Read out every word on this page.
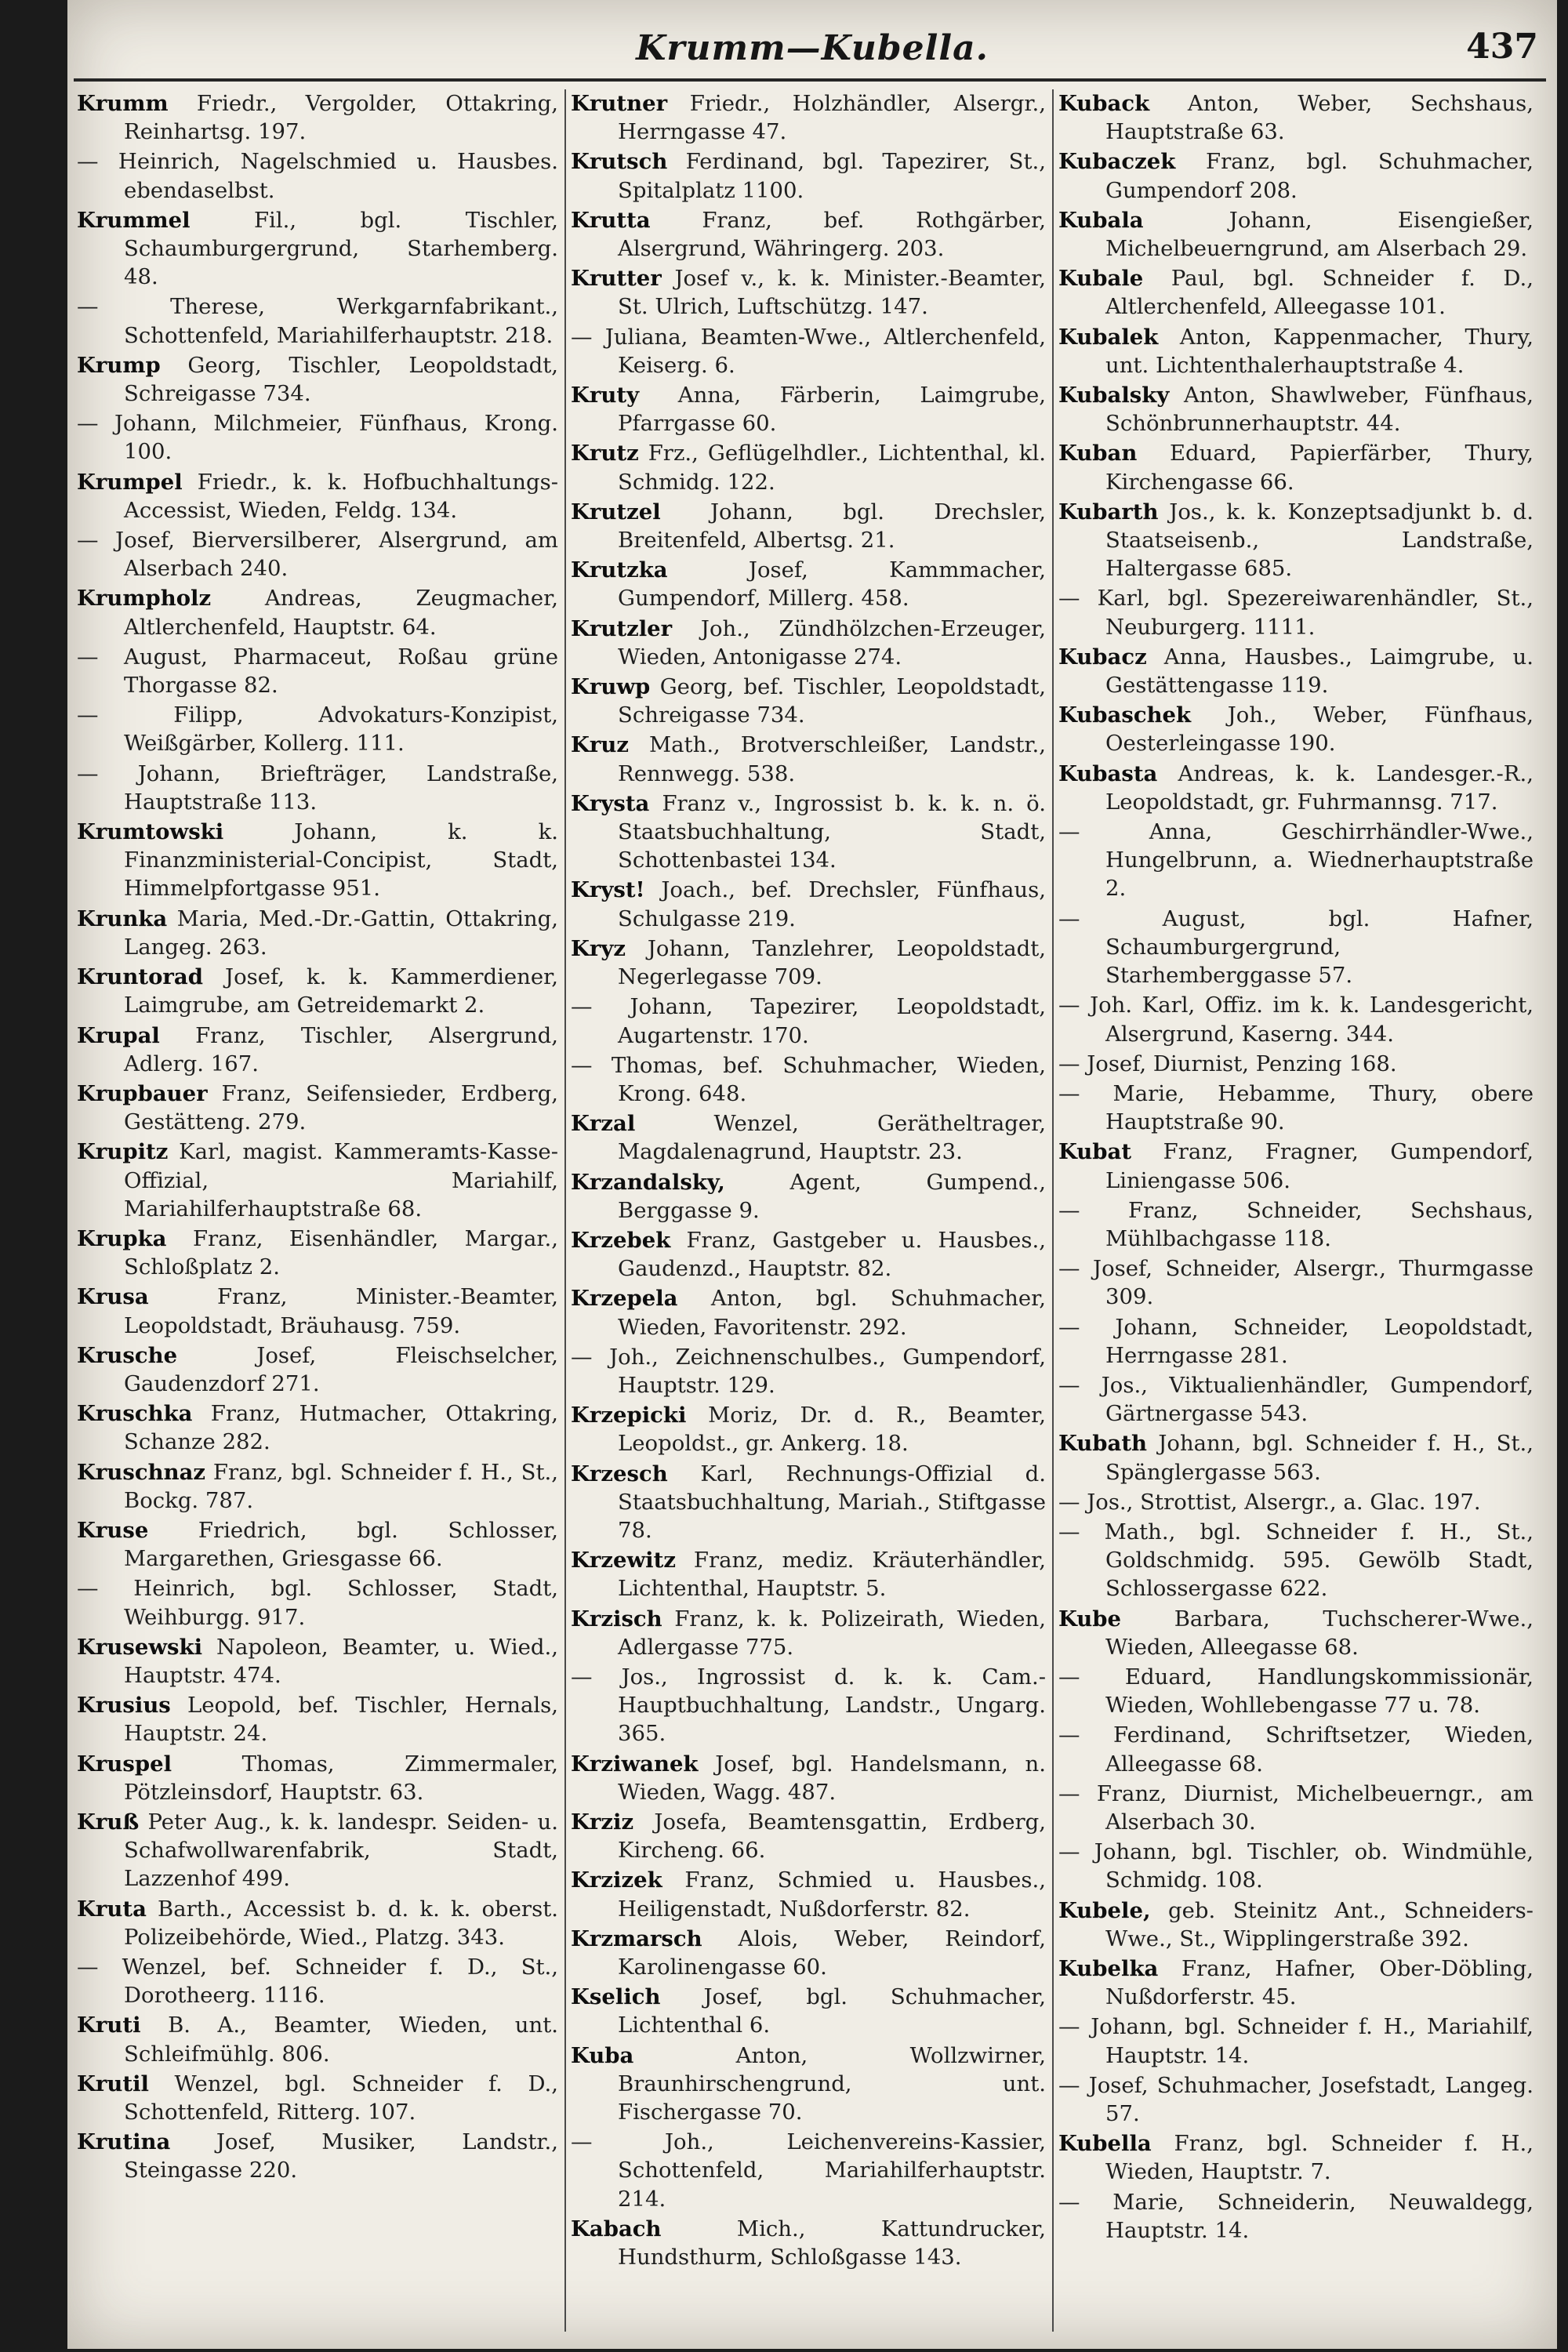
Krumm—Kubella.	437

Krumm Friedr., Vergolder, Ottakring, Reinhartsg. 197.

— Heinrich, Nagelschmied u. Hausbes. ebendaselbst.

Krummel	Fil., bgl. Tischler, Schaumburgergrund, Starhemberg. 48.

— Therese, Werkgarnfabrikant., Schottenfeld, Mariahilferhauptstr. 218.

Krump Georg, Tischler, Leopoldstadt, Schreigasse 734.

— Johann, Milchmeier, Fünfhaus, Krong. 100.

Krumpel Friedr., k. k. Hofbuchhaltungs-Accessist, Wieden, Feldg. 134.

— Josef, Bierversilberer, Alsergrund, am Alserbach 240.

Krumpholz	Andreas, Zeugmacher, Altlerchenfeld, Hauptstr. 64.

— August, Pharmaceut, Roßau grüne Thorgasse 82.

— Filipp, Advokaturs-Konzipist, Weißgärber, Kollerg. 111.

— Johann, Briefträger, Landstraße, Hauptstraße 113.

Krumtowski	Johann, k. k. Finanzministerial-Concipist, Stadt, Himmelpfortgasse 951.

Krunka Maria, Med.-Dr.-Gattin, Ottakring, Langeg. 263.

Kruntorad Josef, k. k. Kammerdiener, Laimgrube, am Getreidemarkt 2.

Krupal Franz, Tischler, Alsergrund, Adlerg. 167.

Krupbauer Franz, Seifensieder, Erdberg, Gestätteng. 279.

Krupitz Karl, magist. Kammeramts-Kasse-Offizial, Mariahilf, Mariahilferhauptstraße 68.

Krupka Franz, Eisenhändler, Margar., Schloßplatz 2.

Krusa	Franz, Minister.-Beamter, Leopoldstadt, Bräuhausg. 759.

Krusche	Josef, Fleischselcher, Gaudenzdorf 271.

Kruschka Franz, Hutmacher, Ottakring, Schanze 282.

Kruschnaz Franz, bgl. Schneider f. H., St., Bockg. 787.

Kruse Friedrich, bgl. Schlosser, Margarethen, Griesgasse 66.

— Heinrich, bgl. Schlosser, Stadt, Weihburgg. 917.

Krusewski Napoleon, Beamter, u. Wied., Hauptstr. 474.

Krusius Leopold, bef. Tischler, Hernals, Hauptstr. 24.

Kruspel	Thomas, Zimmermaler, Pötzleinsdorf, Hauptstr. 63.

Kruß Peter Aug., k. k. landespr. Seiden- u. Schafwollwarenfabrik, Stadt, Lazzenhof 499.

Kruta Barth., Accessist b. d. k. k. oberst. Polizeibehörde, Wied., Platzg. 343.

— Wenzel, bef. Schneider f. D., St., Dorotheerg. 1116.

Kruti B. A., Beamter, Wieden, unt. Schleifmühlg. 806.

Krutil Wenzel, bgl. Schneider f. D., Schottenfeld, Ritterg. 107.

Krutina Josef, Musiker, Landstr., Steingasse 220.

Krutner Friedr., Holzhändler, Alsergr., Herrngasse 47.

Krutsch Ferdinand, bgl. Tapezirer, St., Spitalplatz 1100.

Krutta Franz, bef. Rothgärber, Alsergrund, Währingerg. 203.

Krutter Josef v., k. k. Minister.-Beamter, St. Ulrich, Luftschützg. 147.

— Juliana, Beamten-Wwe., Altlerchenfeld, Keiserg. 6.

Kruty Anna, Färberin, Laimgrube, Pfarrgasse 60.

Krutz Frz., Geflügelhdler., Lichtenthal, kl. Schmidg. 122.

Krutzel Johann, bgl. Drechsler, Breitenfeld, Albertsg. 21.

Krutzka	Josef, Kammmacher, Gumpendorf, Millerg. 458.

Krutzler Joh., Zündhölzchen-Erzeuger, Wieden, Antonigasse 274.

Kruwp Georg, bef. Tischler, Leopoldstadt, Schreigasse 734.

Kruz Math., Brotverschleißer, Landstr., Rennwegg. 538.

Krysta Franz v., Ingrossist b. k. k. n. ö. Staatsbuchhaltung, Stadt, Schottenbastei 134.

Kryst! Joach., bef. Drechsler, Fünfhaus, Schulgasse 219.

Kryz Johann, Tanzlehrer, Leopoldstadt, Negerlegasse 709.

— Johann, Tapezirer, Leopoldstadt, Augartenstr. 170.

— Thomas, bef. Schuhmacher, Wieden, Krong. 648.

Krzal	Wenzel, Gerätheltrager, Magdalenagrund, Hauptstr. 23.

Krzandalsky,	Agent, Gumpend., Berggasse 9.

Krzebek Franz, Gastgeber u. Hausbes., Gaudenzd., Hauptstr. 82.

Krzepela Anton, bgl. Schuhmacher, Wieden, Favoritenstr. 292.

— Joh., Zeichnenschulbes., Gumpendorf, Hauptstr. 129.

Krzepicki Moriz, Dr. d. R., Beamter, Leopoldst., gr. Ankerg. 18.

Krzesch Karl, Rechnungs-Offizial d. Staatsbuchhaltung, Mariah., Stiftgasse 78.

Krzewitz Franz, mediz. Kräuterhändler, Lichtenthal, Hauptstr. 5.

Krzisch Franz, k. k. Polizeirath, Wieden, Adlergasse 775.

— Jos., Ingrossist d. k. k. Cam.-Hauptbuchhaltung, Landstr., Ungarg. 365.

Krziwanek Josef, bgl. Handelsmann, n. Wieden, Wagg. 487.

Krziz Josefa, Beamtensgattin, Erdberg, Kircheng. 66.

Krzizek Franz, Schmied u. Hausbes., Heiligenstadt, Nußdorferstr. 82.

Krzmarsch Alois, Weber, Reindorf, Karolinengasse 60.

Kselich Josef, bgl. Schuhmacher, Lichtenthal 6.

Kuba	Anton, Wollzwirner, Braunhirschengrund, unt. Fischergasse 70.

— Joh., Leichenvereins-Kassier, Schottenfeld, Mariahilferhauptstr. 214.

Kabach	Mich., Kattundrucker, Hundsthurm, Schloßgasse 143.

Kuback Anton, Weber, Sechshaus, Hauptstraße 63.

Kubaczek Franz, bgl. Schuhmacher, Gumpendorf 208.

Kubala	Johann, Eisengießer, Michelbeuerngrund, am Alserbach 29.

Kubale Paul, bgl. Schneider f. D., Altlerchenfeld, Alleegasse 101.

Kubalek Anton, Kappenmacher, Thury, unt. Lichtenthalerhauptstraße 4.

Kubalsky Anton, Shawlweber, Fünfhaus, Schönbrunnerhauptstr. 44.

Kuban Eduard, Papierfärber, Thury, Kirchengasse 66.

Kubarth Jos., k. k. Konzeptsadjunkt b. d. Staatseisenb., Landstraße, Haltergasse 685.

— Karl, bgl. Spezereiwarenhändler, St., Neuburgerg. 1111.

Kubacz Anna, Hausbes., Laimgrube, u. Gestättengasse 119.

Kubaschek Joh., Weber, Fünfhaus, Oesterleingasse 190.

Kubasta Andreas, k. k. Landesger.-R., Leopoldstadt, gr. Fuhrmannsg. 717.

— Anna, Geschirrhändler-Wwe., Hungelbrunn, a. Wiednerhauptstraße 2.

— August, bgl. Hafner, Schaumburgergrund, Starhemberggasse 57.

— Joh. Karl, Offiz. im k. k. Landesgericht, Alsergrund, Kaserng. 344.

— Josef, Diurnist, Penzing 168.

— Marie, Hebamme, Thury, obere Hauptstraße 90.

Kubat Franz, Fragner, Gumpendorf, Liniengasse 506.

— Franz, Schneider, Sechshaus, Mühlbachgasse 118.

— Josef, Schneider, Alsergr., Thurmgasse 309.

— Johann, Schneider, Leopoldstadt, Herrngasse 281.

— Jos., Viktualienhändler, Gumpendorf, Gärtnergasse 543.

Kubath Johann, bgl. Schneider f. H., St., Spänglergasse 563.

— Jos., Strottist, Alsergr., a. Glac. 197.

— Math., bgl. Schneider f. H., St., Goldschmidg. 595. Gewölb Stadt, Schlossergasse 622.

Kube Barbara, Tuchscherer-Wwe., Wieden, Alleegasse 68.

— Eduard, Handlungskommissionär, Wieden, Wohllebengasse 77 u. 78.

— Ferdinand, Schriftsetzer, Wieden, Alleegasse 68.

— Franz, Diurnist, Michelbeuerngr., am Alserbach 30.

— Johann, bgl. Tischler, ob. Windmühle, Schmidg. 108.

Kubele, geb. Steinitz Ant., Schneiders-Wwe., St., Wipplingerstraße 392.

Kubelka Franz, Hafner, Ober-Döbling, Nußdorferstr. 45.

— Johann, bgl. Schneider f. H., Mariahilf, Hauptstr. 14.

— Josef, Schuhmacher, Josefstadt, Langeg. 57.

Kubella Franz, bgl. Schneider f. H., Wieden, Hauptstr. 7.

— Marie, Schneiderin, Neuwaldegg, Hauptstr. 14.
